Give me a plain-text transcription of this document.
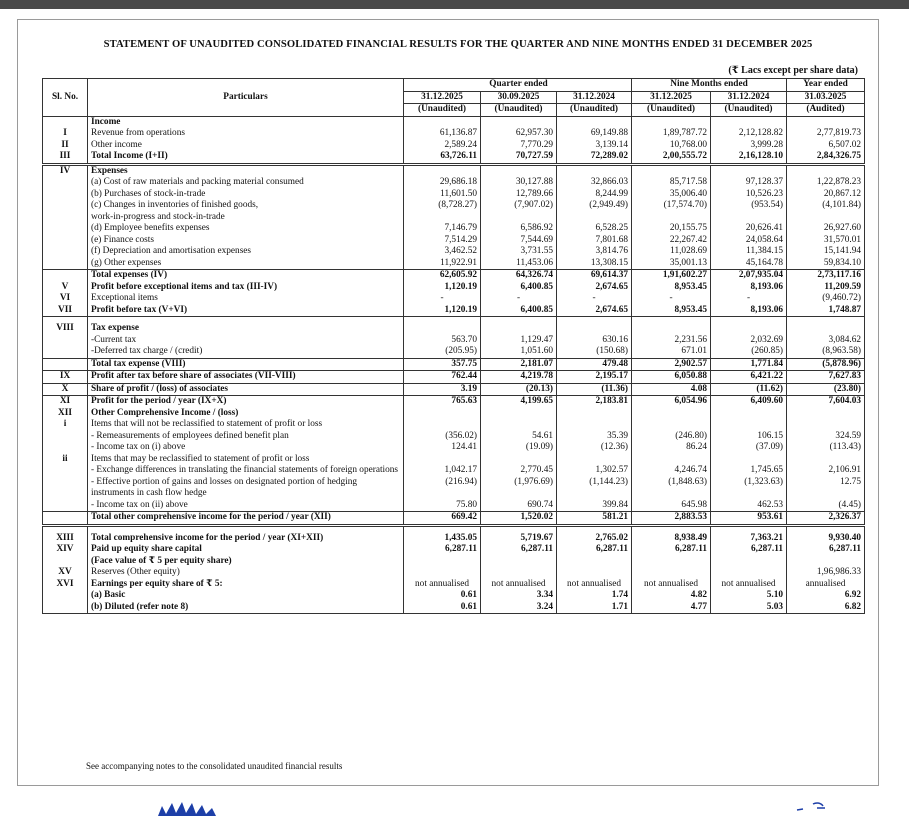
STATEMENT OF UNAUDITED CONSOLIDATED FINANCIAL RESULTS FOR THE QUARTER AND NINE MONTHS ENDED 31 DECEMBER 2025
(₹ Lacs except per share data)
Sl. No.	Particulars		Quarter ended		Nine Months ended		Year ended
		31.12.2025	30.09.2025	31.12.2024	31.12.2025	31.12.2024	31.03.2025
		(Unaudited)	(Unaudited)	(Unaudited)	(Unaudited)	(Unaudited)	(Audited)
	Income						
I	Revenue from operations	61,136.87	62,957.30	69,149.88	1,89,787.72	2,12,128.82	2,77,819.73
II	Other income	2,589.24	7,770.29	3,139.14	10,768.00	3,999.28	6,507.02
III	Total Income (I+II)	63,726.11	70,727.59	72,289.02	2,00,555.72	2,16,128.10	2,84,326.75
IV	Expenses						
	(a) Cost of raw materials and packing material consumed	29,686.18	30,127.88	32,866.03	85,717.58	97,128.37	1,22,878.23
	(b) Purchases of stock-in-trade	11,601.50	12,789.66	8,244.99	35,006.40	10,526.23	20,867.12
	(c) Changes in inventories of finished goods,	(8,728.27)	(7,907.02)	(2,949.49)	(17,574.70)	(953.54)	(4,101.84)
	work-in-progress and stock-in-trade						
	(d) Employee benefits expenses	7,146.79	6,586.92	6,528.25	20,155.75	20,626.41	26,927.60
	(e) Finance costs	7,514.29	7,544.69	7,801.68	22,267.42	24,058.64	31,570.01
	(f) Depreciation and amortisation expenses	3,462.52	3,731.55	3,814.76	11,028.69	11,384.15	15,141.94
	(g) Other expenses	11,922.91	11,453.06	13,308.15	35,001.13	45,164.78	59,834.10
	Total expenses (IV)	62,605.92	64,326.74	69,614.37	1,91,602.27	2,07,935.04	2,73,117.16
V	Profit before exceptional items and tax (III-IV)	1,120.19	6,400.85	2,674.65	8,953.45	8,193.06	11,209.59
VI	Exceptional items	-	-	-	-	-	(9,460.72)
VII	Profit before tax (V+VI)	1,120.19	6,400.85	2,674.65	8,953.45	8,193.06	1,748.87

VIII	Tax expense						
	-Current tax	563.70	1,129.47	630.16	2,231.56	2,032.69	3,084.62
	-Deferred tax charge / (credit)	(205.95)	1,051.60	(150.68)	671.01	(260.85)	(8,963.58)
	Total tax expense (VIII)	357.75	2,181.07	479.48	2,902.57	1,771.84	(5,878.96)
IX	Profit after tax before share of associates (VII-VIII)	762.44	4,219.78	2,195.17	6,050.88	6,421.22	7,627.83
X	Share of profit / (loss) of associates	3.19	(20.13)	(11.36)	4.08	(11.62)	(23.80)
XI	Profit for the period / year (IX+X)	765.63	4,199.65	2,183.81	6,054.96	6,409.60	7,604.03
XII	Other Comprehensive Income / (loss)						
i	Items that will not be reclassified to statement of profit or loss						
	- Remeasurements of employees defined benefit plan	(356.02)	54.61	35.39	(246.80)	106.15	324.59
	- Income tax on (i) above	124.41	(19.09)	(12.36)	86.24	(37.09)	(113.43)
ii	Items that may be reclassified to statement of profit or loss						
	- Exchange differences in translating the financial statements of foreign operations	1,042.17	2,770.45	1,302.57	4,246.74	1,745.65	2,106.91
	- Effective portion of gains and losses on designated portion of hedging instruments in cash flow hedge	(216.94)	(1,976.69)	(1,144.23)	(1,848.63)	(1,323.63)	12.75
	- Income tax on (ii) above	75.80	690.74	399.84	645.98	462.53	(4.45)
	Total other comprehensive income for the period / year (XII)	669.42	1,520.02	581.21	2,883.53	953.61	2,326.37

XIII	Total comprehensive income for the period / year (XI+XII)	1,435.05	5,719.67	2,765.02	8,938.49	7,363.21	9,930.40
XIV	Paid up equity share capital	6,287.11	6,287.11	6,287.11	6,287.11	6,287.11	6,287.11
	(Face value of ₹ 5 per equity share)						
XV	Reserves (Other equity)						1,96,986.33
XVI	Earnings per equity share of ₹ 5:	not annualised	not annualised	not annualised	not annualised	not annualised	annualised
	(a) Basic	0.61	3.34	1.74	4.82	5.10	6.92
	(b) Diluted (refer note 8)	0.61	3.24	1.71	4.77	5.03	6.82
See accompanying notes to the consolidated unaudited financial results
